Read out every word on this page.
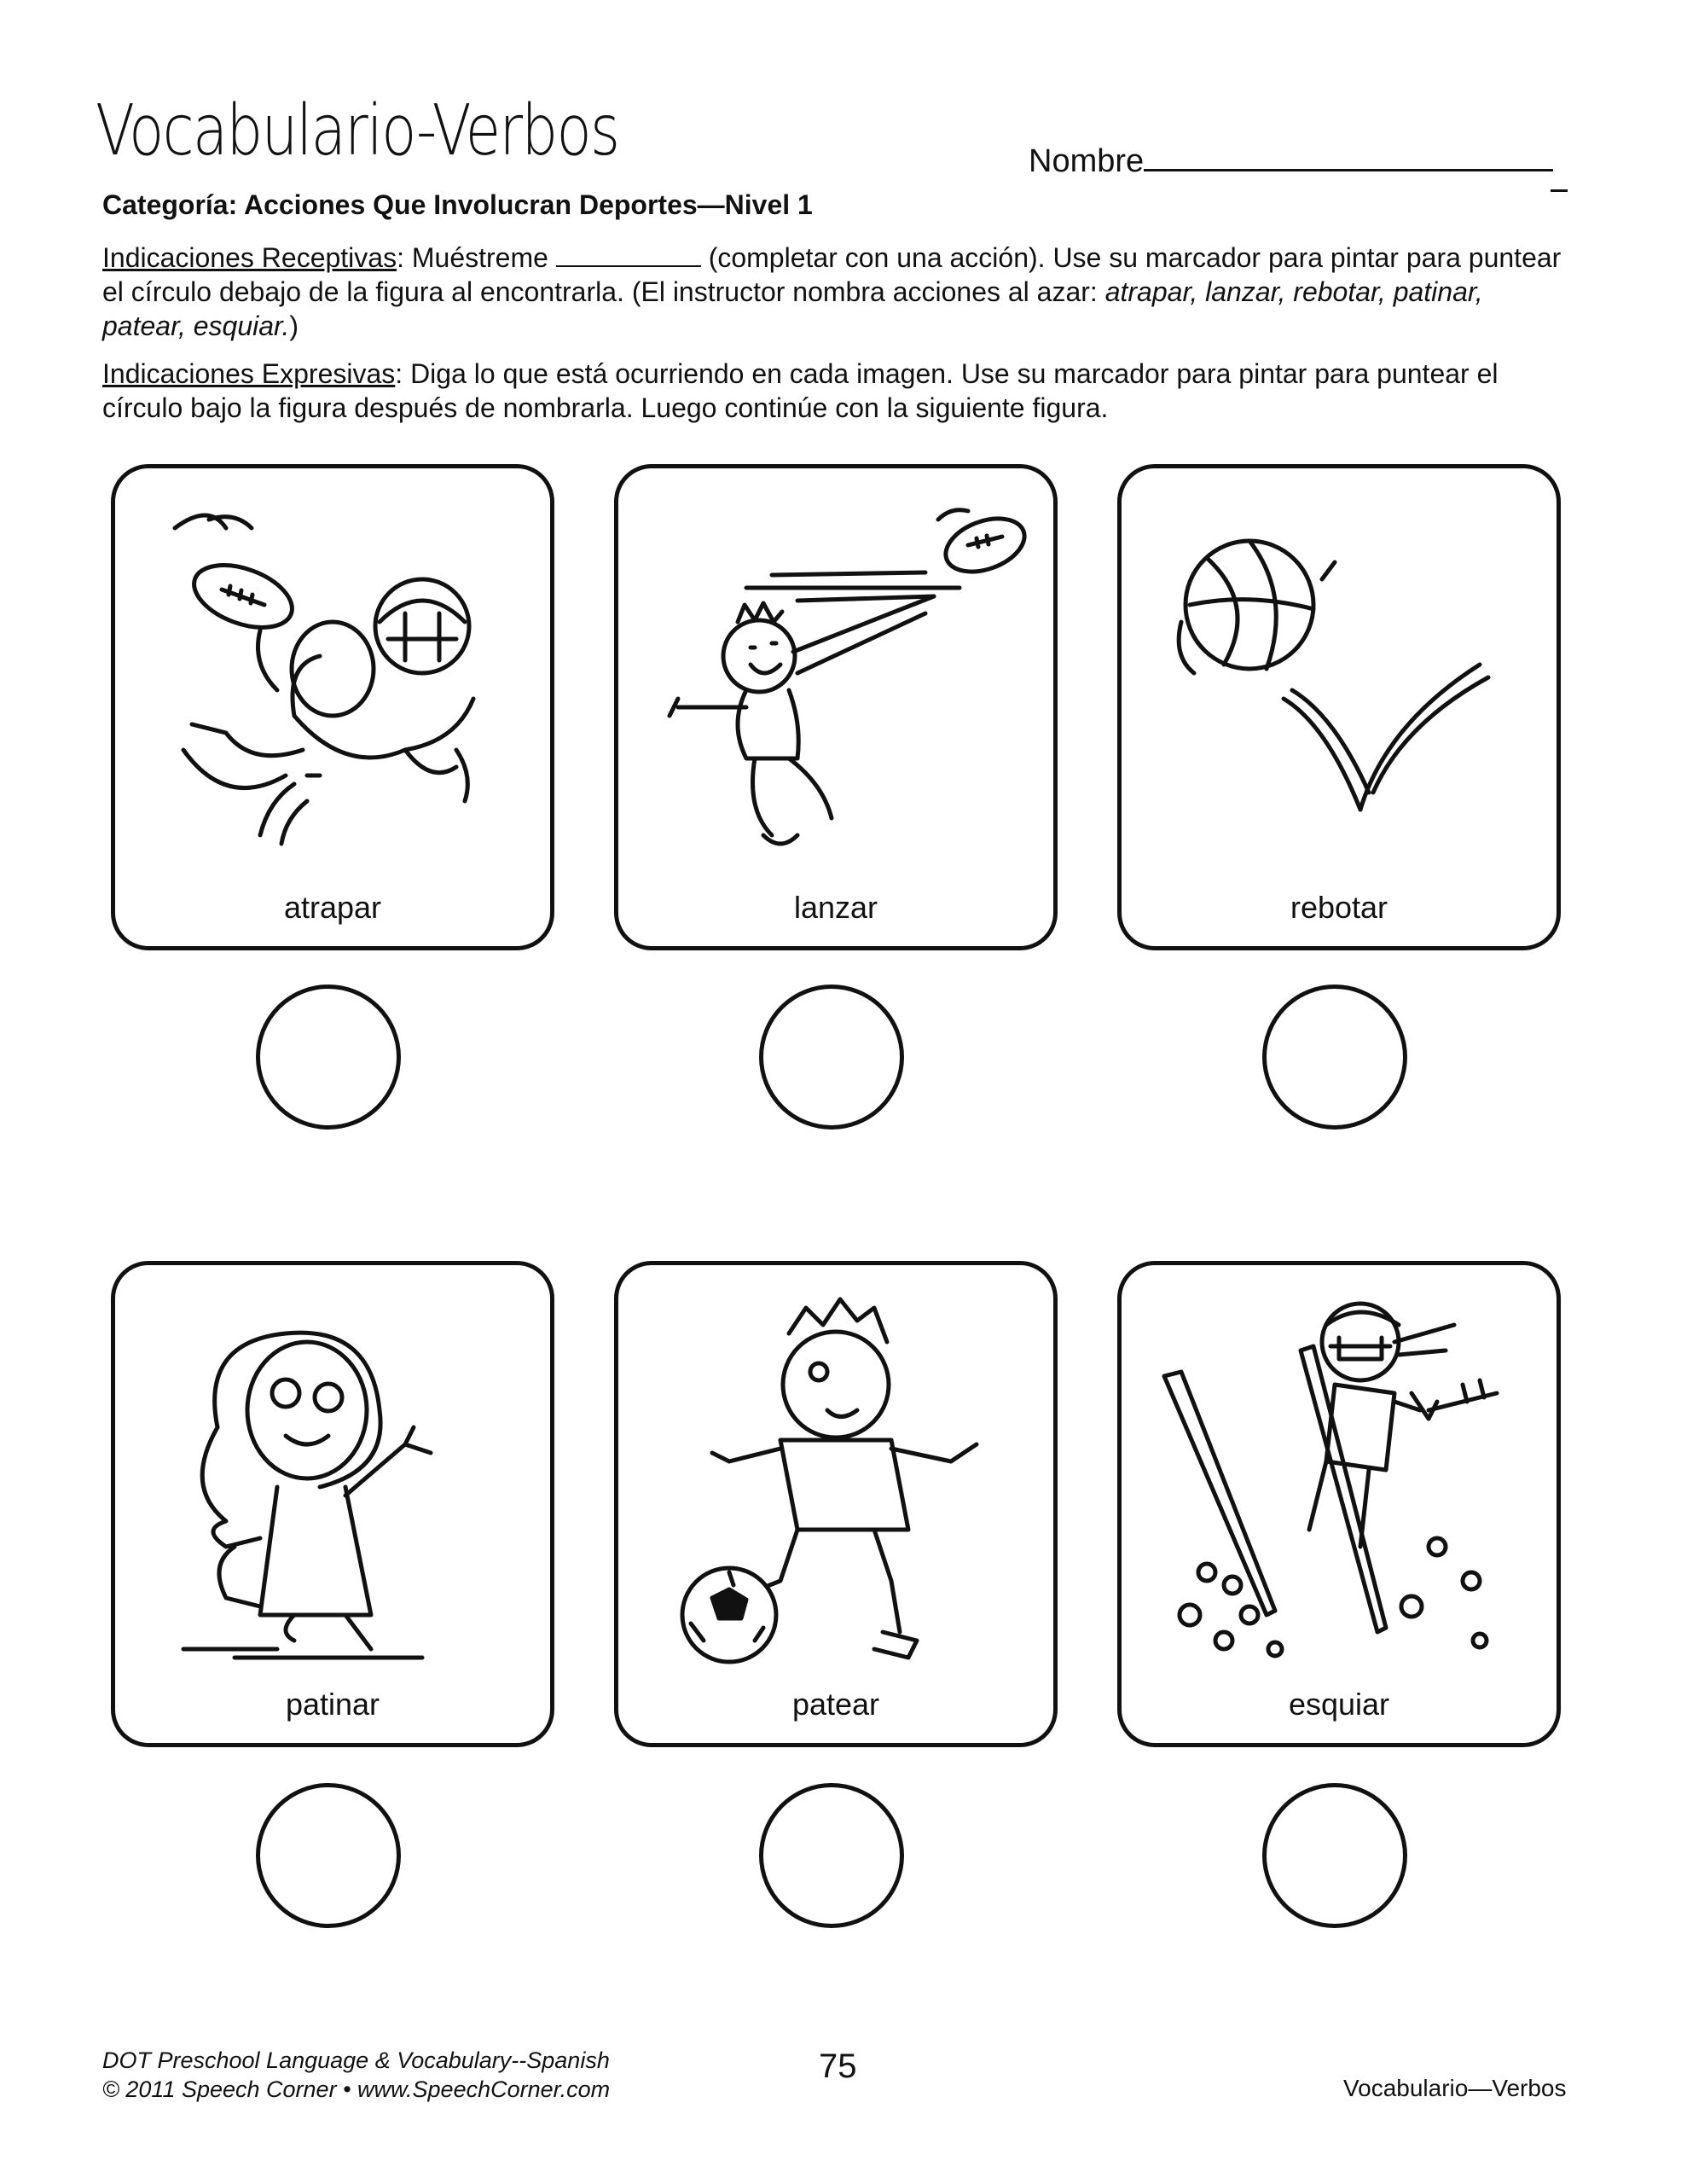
Vocabulario-Verbos	Nombre
Categoría: Acciones Que Involucran Deportes—Nivel 1
Indicaciones Receptivas: Muéstreme	(completar con una acción). Use su marcador para pintar para puntear el círculo debajo de la figura al encontrarla. (El instructor nombra acciones al azar: atrapar, lanzar, rebotar, patinar, patear, esquiar.)
Indicaciones Expresivas: Diga lo que está ocurriendo en cada imagen. Use su marcador para pintar para puntear el círculo bajo la figura después de nombrarla. Luego continúe con la siguiente figura.
atrapar	lanzar	rebotar
patinar	patear	esquiar
DOT Preschool Language & Vocabulary--Spanish
© 2011 Speech Corner • www.SpeechCorner.com
75
Vocabulario—Verbos
